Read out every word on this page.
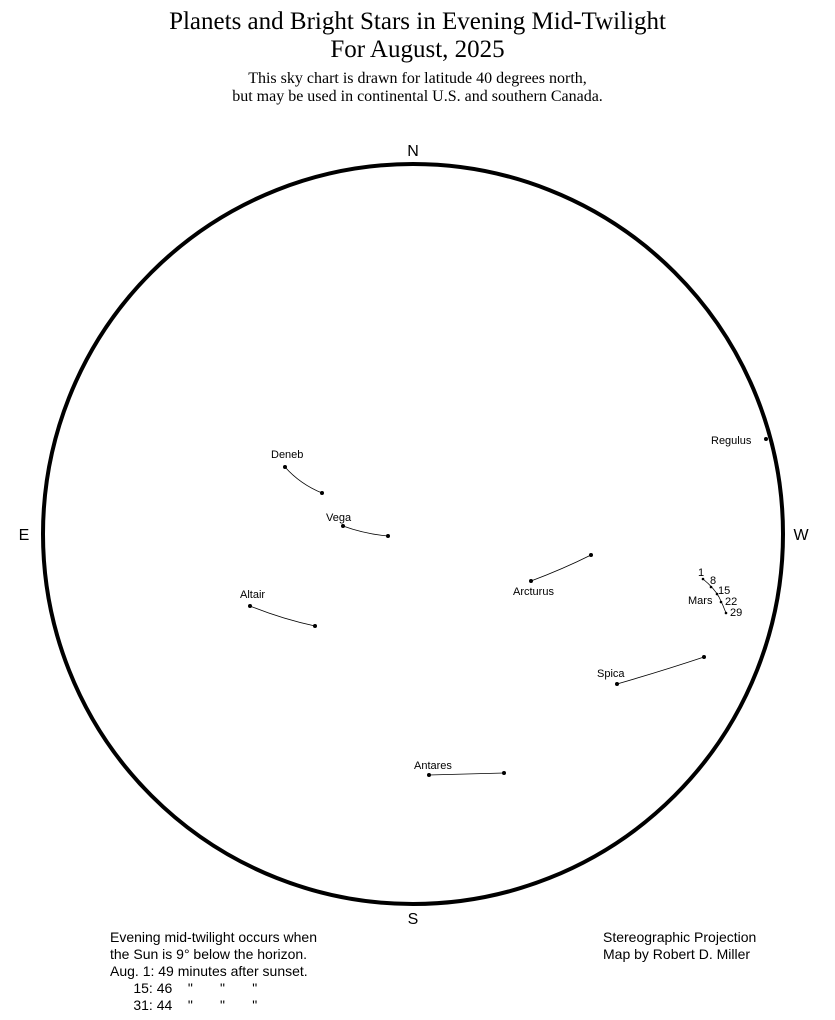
Planets and Bright Stars in Evening Mid-Twilight
For August, 2025
This sky chart is drawn for latitude 40 degrees north,
but may be used in continental U.S. and southern Canada.
N
S
E	W
Deneb
Vega
Altair	Arcturus
Spica
Antares
Regulus
1
8
15
22
29
Mars
Evening mid-twilight occurs when
the Sun is 9° below the horizon.
Aug. 1: 49 minutes after sunset.
15: 46    "       "       "
31: 44    "       "       "
Stereographic Projection
Map by Robert D. Miller
